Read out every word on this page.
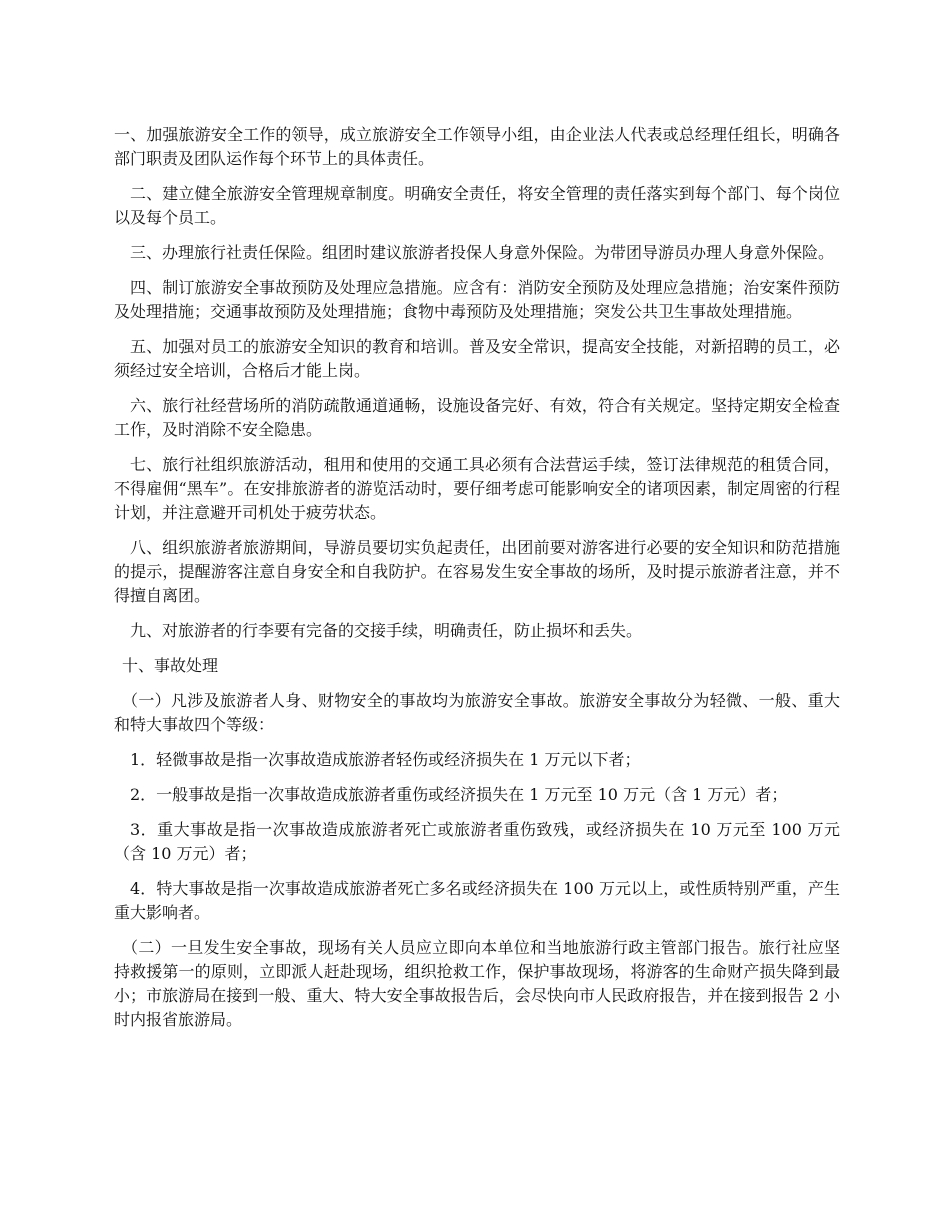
一、加强旅游安全工作的领导，成立旅游安全工作领导小组，由企业法人代表或总经理任组长，明确各部门职责及团队运作每个环节上的具体责任。

二、建立健全旅游安全管理规章制度。明确安全责任，将安全管理的责任落实到每个部门、每个岗位以及每个员工。

三、办理旅行社责任保险。组团时建议旅游者投保人身意外保险。为带团导游员办理人身意外保险。

四、制订旅游安全事故预防及处理应急措施。应含有：消防安全预防及处理应急措施；治安案件预防及处理措施；交通事故预防及处理措施；食物中毒预防及处理措施；突发公共卫生事故处理措施。

五、加强对员工的旅游安全知识的教育和培训。普及安全常识，提高安全技能，对新招聘的员工，必须经过安全培训，合格后才能上岗。

六、旅行社经营场所的消防疏散通道通畅，设施设备完好、有效，符合有关规定。坚持定期安全检查工作，及时消除不安全隐患。

七、旅行社组织旅游活动，租用和使用的交通工具必须有合法营运手续，签订法律规范的租赁合同，不得雇佣“黑车”。在安排旅游者的游览活动时，要仔细考虑可能影响安全的诸项因素，制定周密的行程计划，并注意避开司机处于疲劳状态。

八、组织旅游者旅游期间，导游员要切实负起责任，出团前要对游客进行必要的安全知识和防范措施的提示，提醒游客注意自身安全和自我防护。在容易发生安全事故的场所，及时提示旅游者注意，并不得擅自离团。

九、对旅游者的行李要有完备的交接手续，明确责任，防止损坏和丢失。

十、事故处理

（一）凡涉及旅游者人身、财物安全的事故均为旅游安全事故。旅游安全事故分为轻微、一般、重大和特大事故四个等级：

1．轻微事故是指一次事故造成旅游者轻伤或经济损失在 1 万元以下者；

2．一般事故是指一次事故造成旅游者重伤或经济损失在 1 万元至 10 万元（含 1 万元）者；

3．重大事故是指一次事故造成旅游者死亡或旅游者重伤致残，或经济损失在 10 万元至 100 万元（含 10 万元）者；

4．特大事故是指一次事故造成旅游者死亡多名或经济损失在 100 万元以上，或性质特别严重，产生重大影响者。

（二）一旦发生安全事故，现场有关人员应立即向本单位和当地旅游行政主管部门报告。旅行社应坚持救援第一的原则，立即派人赶赴现场，组织抢救工作，保护事故现场，将游客的生命财产损失降到最小；市旅游局在接到一般、重大、特大安全事故报告后，会尽快向市人民政府报告，并在接到报告 2 小时内报省旅游局。
